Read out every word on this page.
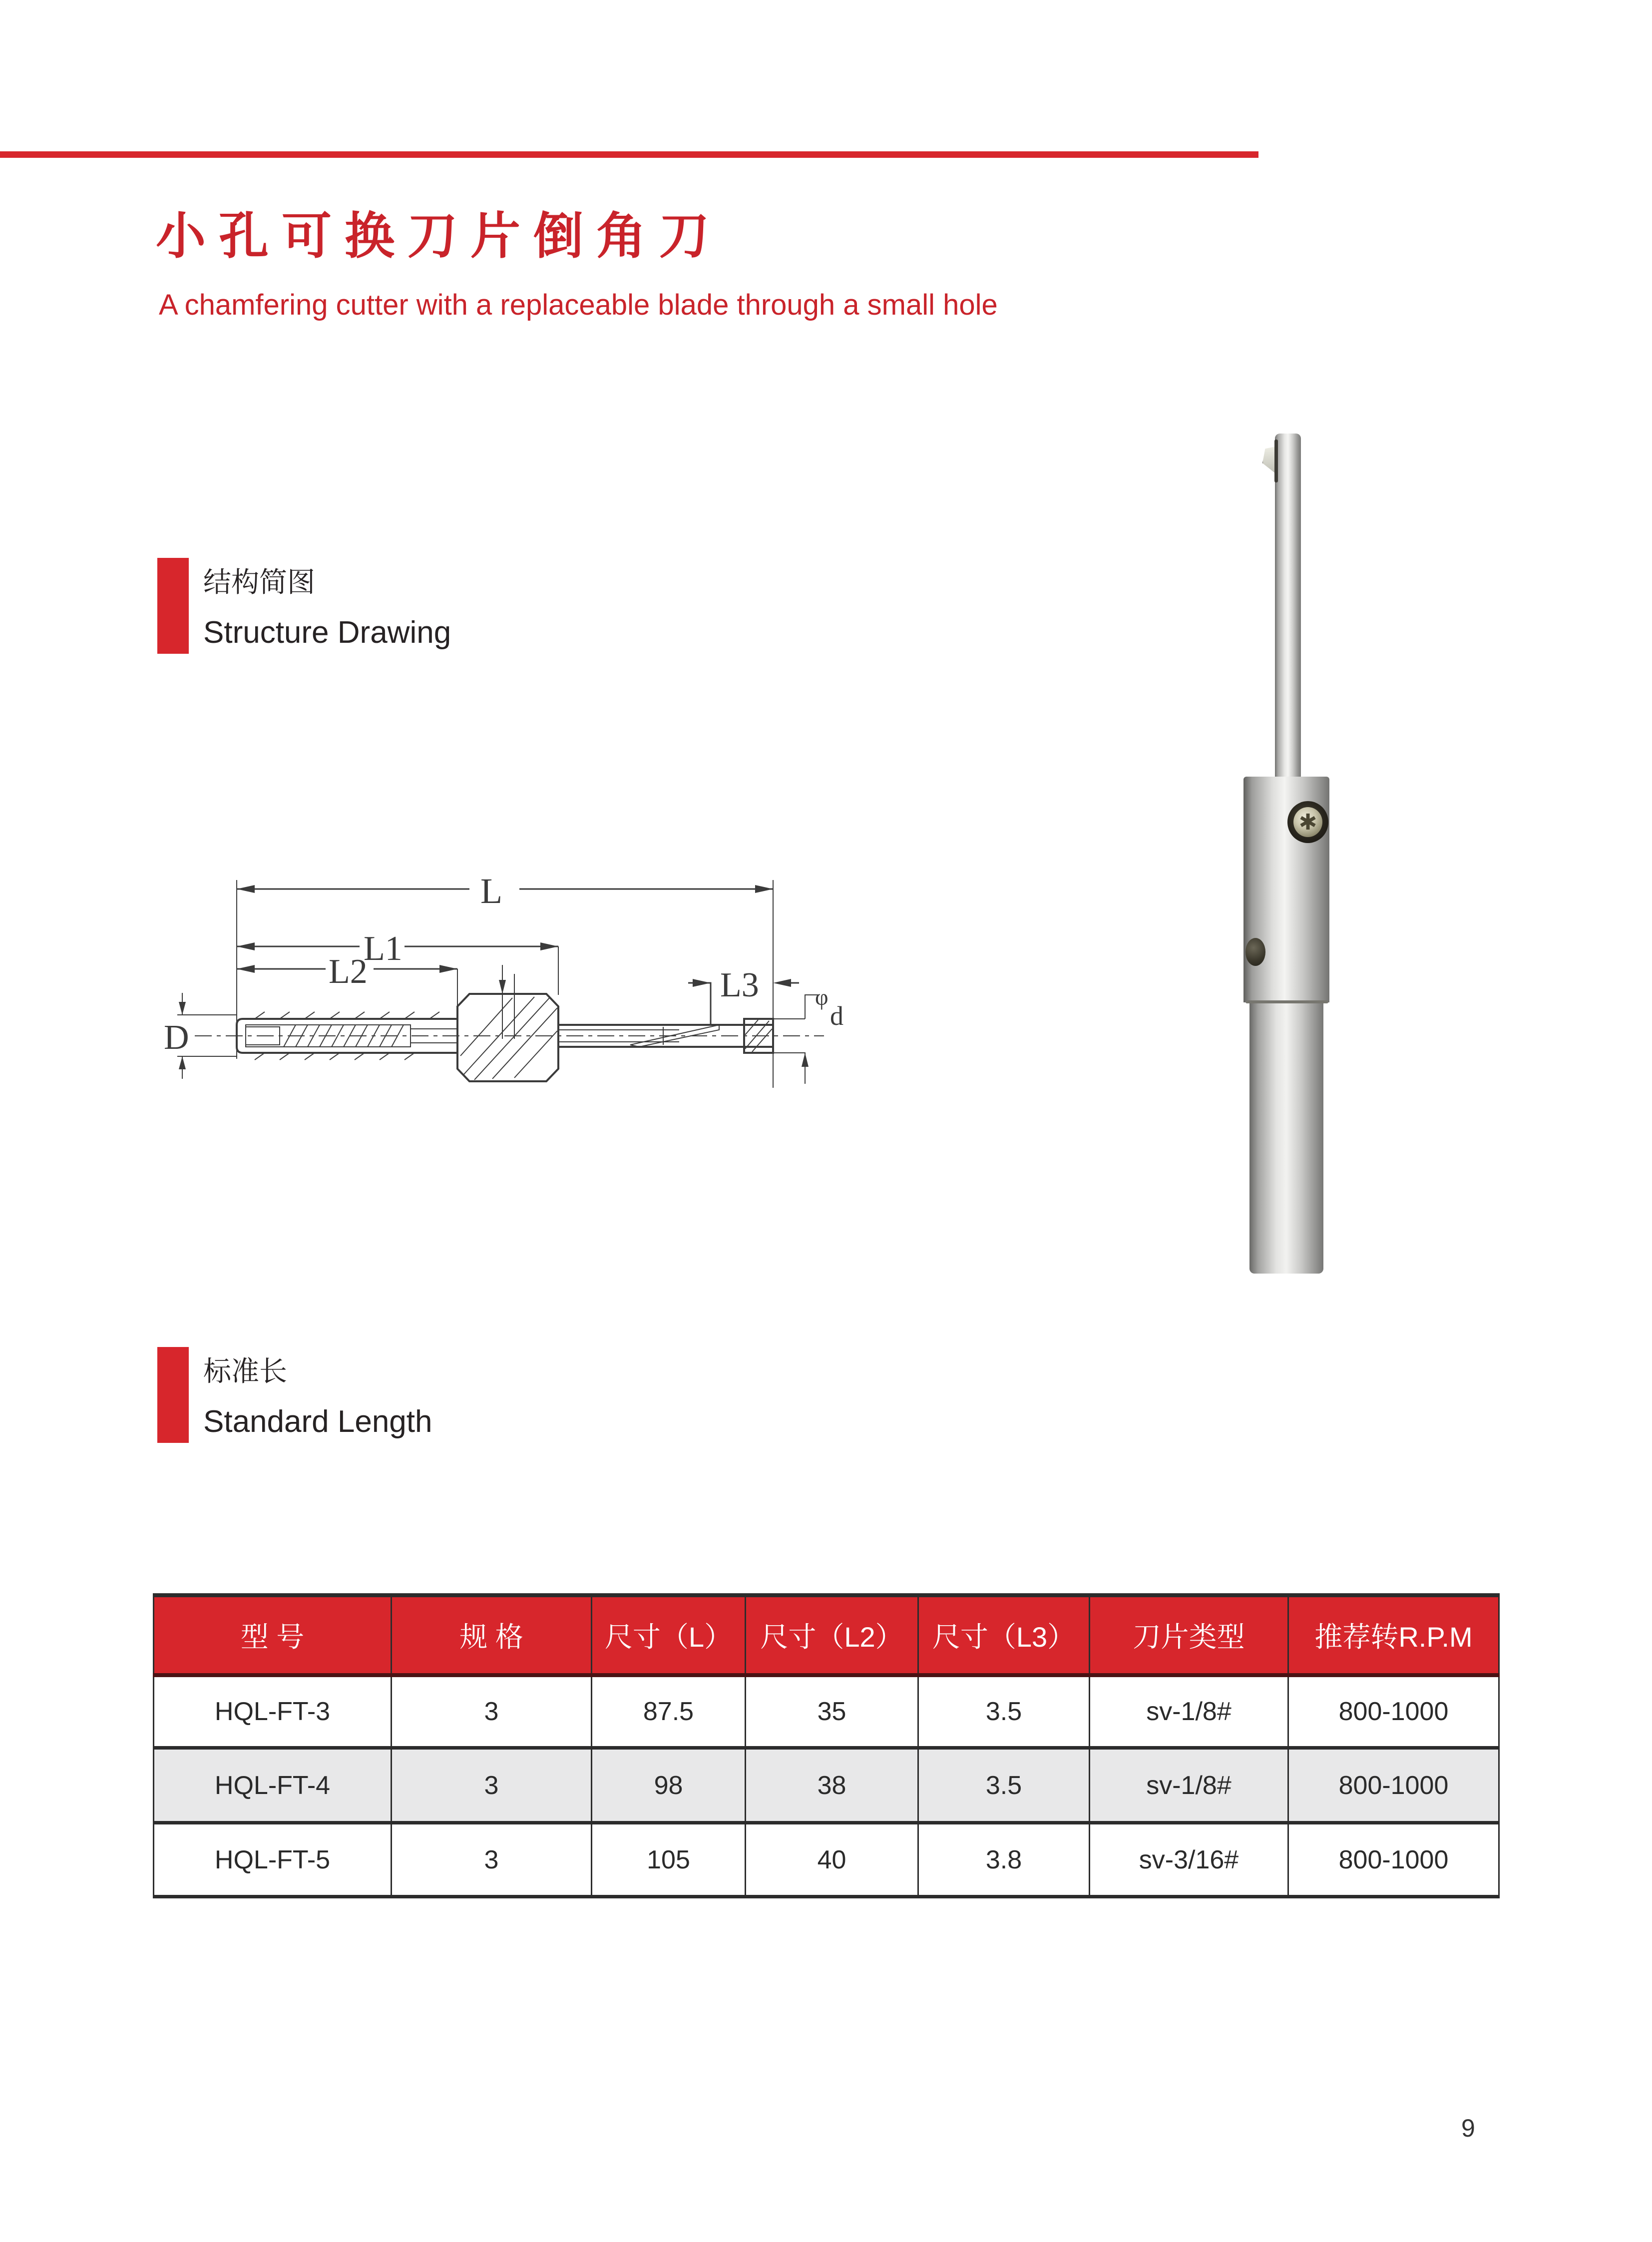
小孔可换刀片倒角刀
A chamfering cutter with a replaceable blade through a small hole
结构简图
Structure Drawing
L
L1
L2	L3 φ
d
D
✱
标准长
Standard Length
型 号	规 格	尺寸（L）	尺寸（L2）	尺寸（L3）	刀片类型	推荐转R.P.M
HQL-FT-3	3	87.5	35	3.5	sv-1/8#	800-1000
HQL-FT-4	3	98	38	3.5	sv-1/8#	800-1000
HQL-FT-5	3	105	40	3.8	sv-3/16#	800-1000
9
